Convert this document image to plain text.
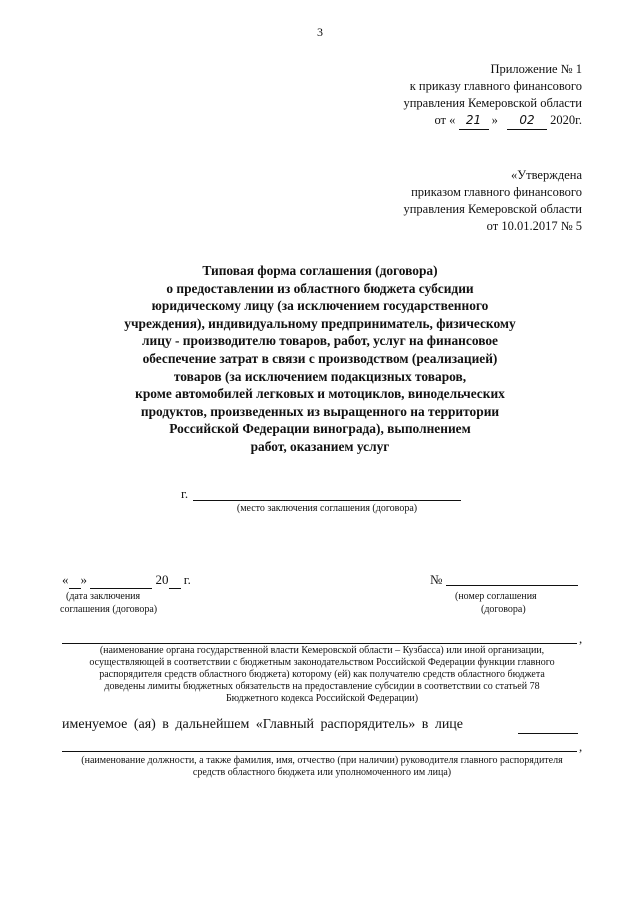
3
Приложение № 1
к приказу главного финансового
управления Кемеровской области
от « 21 » 02 2020г.
«Утверждена
приказом главного финансового
управления Кемеровской области
от 10.01.2017 № 5
Типовая форма соглашения (договора)
о предоставлении из областного бюджета субсидии
юридическому лицу (за исключением государственного
учреждения), индивидуальному предприниматель, физическому
лицу - производителю товаров, работ, услуг на финансовое
обеспечение затрат в связи с производством (реализацией)
товаров (за исключением подакцизных товаров,
кроме автомобилей легковых и мотоциклов, винодельческих
продуктов, произведенных из выращенного на территории
Российской Федерации винограда), выполнением
работ, оказанием услуг
г.
(место заключения соглашения (договора)
« »	20 г.
(дата заключения
соглашения (договора)
№
(номер соглашения
(договора)
,
(наименование органа государственной власти Кемеровской области – Кузбасса) или иной организации,
осуществляющей в соответствии с бюджетным законодательством Российской Федерации функции главного
распорядителя средств областного бюджета) которому (ей) как получателю средств областного бюджета
доведены лимиты бюджетных обязательств на предоставление субсидии в соответствии со статьей 78
Бюджетного кодекса Российской Федерации)
именуемое (ая) в дальнейшем «Главный распорядитель» в лице
,
(наименование должности, а также фамилия, имя, отчество (при наличии) руководителя главного распорядителя
средств областного бюджета или уполномоченного им лица)
